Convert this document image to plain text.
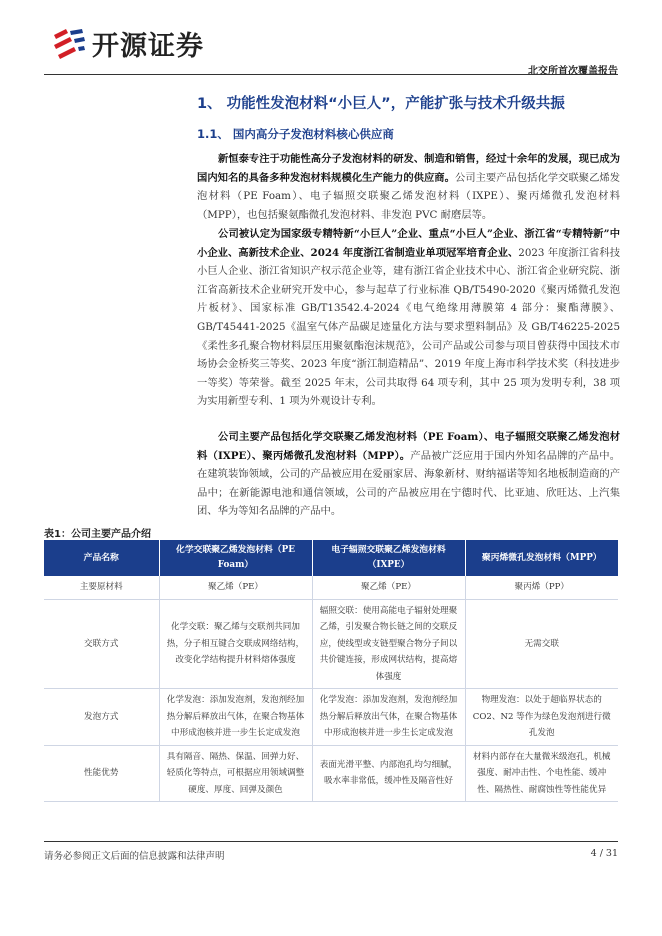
开源证券
北交所首次覆盖报告
1、 功能性发泡材料“小巨人”，产能扩张与技术升级共振
1.1、 国内高分子发泡材料核心供应商

新恒泰专注于功能性高分子发泡材料的研发、制造和销售，经过十余年的发展，现已成为国内知名的具备多种发泡材料规模化生产能力的供应商。公司主要产品包括化学交联聚乙烯发泡材料（PE Foam）、电子辐照交联聚乙烯发泡材料（IXPE）、聚丙烯微孔发泡材料（MPP），也包括聚氨酯微孔发泡材料、非发泡 PVC 耐磨层等。

公司被认定为国家级专精特新“小巨人”企业、重点“小巨人”企业、浙江省“专精特新”中小企业、高新技术企业、2024 年度浙江省制造业单项冠军培育企业、2023 年度浙江省科技小巨人企业、浙江省知识产权示范企业等，建有浙江省企业技术中心、浙江省企业研究院、浙江省高新技术企业研究开发中心，参与起草了行业标准 QB/T5490-2020《聚丙烯微孔发泡片板材》、国家标准 GB/T13542.4-2024《电气绝缘用薄膜第 4 部分：聚酯薄膜》、GB/T45441-2025《温室气体产品碳足迹量化方法与要求塑料制品》及 GB/T46225-2025《柔性多孔聚合物材料层压用聚氨酯泡沫规范》，公司产品或公司参与项目曾获得中国技术市场协会金桥奖三等奖、2023 年度“浙江制造精品”、2019 年度上海市科学技术奖（科技进步一等奖）等荣誉。截至 2025 年末，公司共取得 64 项专利，其中 25 项为发明专利，38 项为实用新型专利、1 项为外观设计专利。

公司主要产品包括化学交联聚乙烯发泡材料（PE Foam）、电子辐照交联聚乙烯发泡材料（IXPE）、聚丙烯微孔发泡材料（MPP）。产品被广泛应用于国内外知名品牌的产品中。在建筑装饰领域，公司的产品被应用在爱丽家居、海象新材、财纳福诺等知名地板制造商的产品中；在新能源电池和通信领域，公司的产品被应用在宁德时代、比亚迪、欣旺达、上汽集团、华为等知名品牌的产品中。

表1：公司主要产品介绍
产品名称	化学交联聚乙烯发泡材料（PE Foam）	电子辐照交联聚乙烯发泡材料（IXPE）	聚丙烯微孔发泡材料（MPP）
主要原材料	聚乙烯（PE）	聚乙烯（PE）	聚丙烯（PP）
交联方式	化学交联：聚乙烯与交联剂共同加热，分子相互键合交联成网络结构，改变化学结构提升材料熔体强度	辐照交联：使用高能电子辐射处理聚乙烯，引发聚合物长链之间的交联反应，使线型或支链型聚合物分子间以共价键连接，形成网状结构，提高熔体强度	无需交联
发泡方式	化学发泡：添加发泡剂，发泡剂经加热分解后释放出气体，在聚合物基体中形成泡核并进一步生长定成发泡	化学发泡：添加发泡剂，发泡剂经加热分解后释放出气体，在聚合物基体中形成泡核并进一步生长定成发泡	物理发泡：以处于超临界状态的 CO2、N2 等作为绿色发泡剂进行微孔发泡
性能优势	具有隔音、隔热、保温、回弹力好、轻质化等特点，可根据应用领域调整硬度、厚度、回弹及颜色	表面光滑平整、内部泡孔均匀细腻，吸水率非常低，缓冲性及隔音性好	材料内部存在大量微米级泡孔，机械强度、耐冲击性、个电性能、缓冲性、隔热性、耐腐蚀性等性能优异
请务必参阅正文后面的信息披露和法律声明	4 / 31
